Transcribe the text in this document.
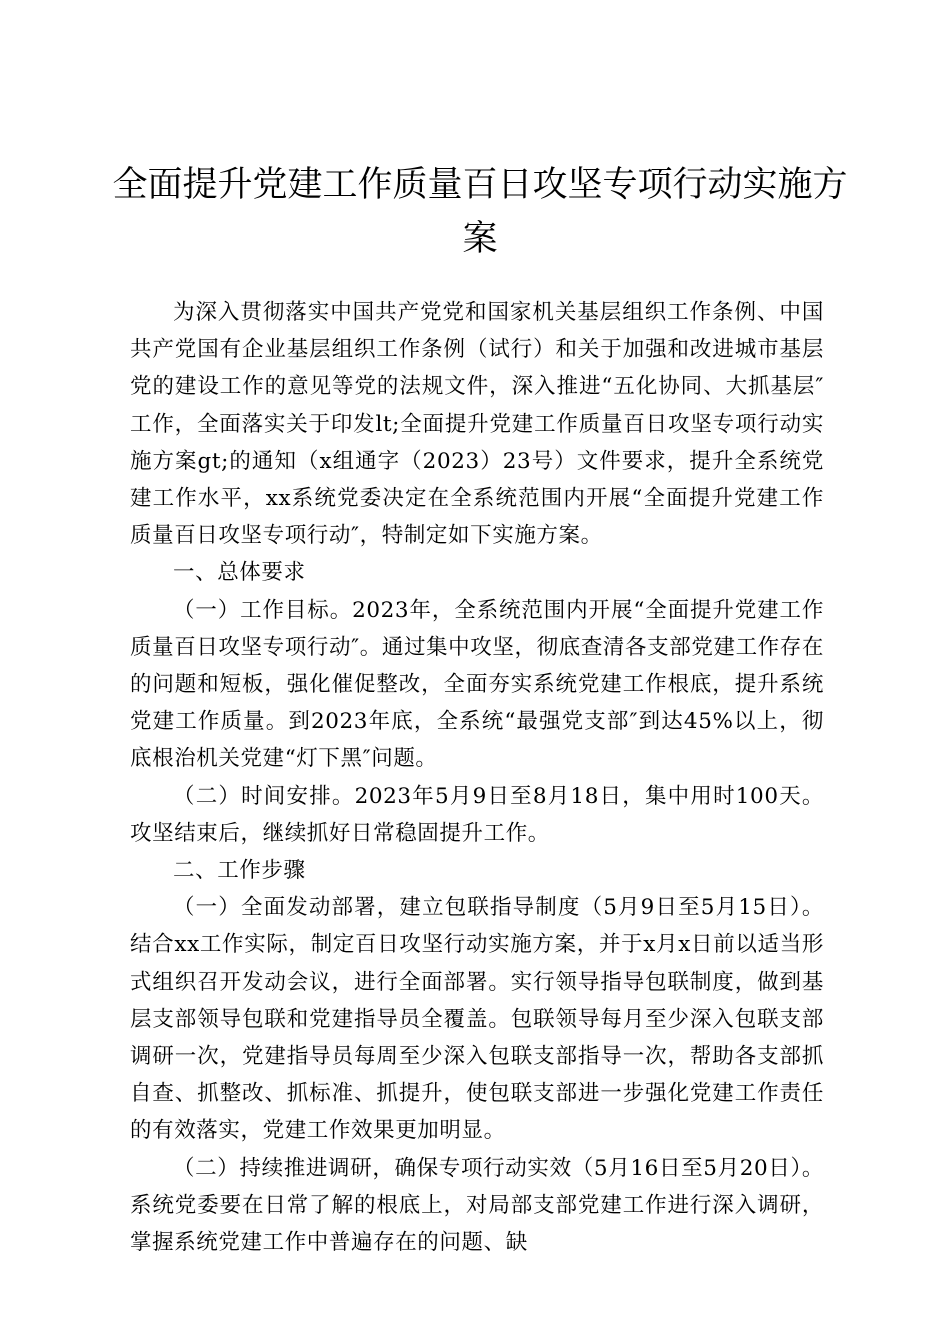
全面提升党建工作质量百日攻坚专项行动实施方案

为深入贯彻落实中国共产党党和国家机关基层组织工作条例、中国共产党国有企业基层组织工作条例（试行）和关于加强和改进城市基层党的建设工作的意见等党的法规文件，深入推进“五化协同、大抓基层″工作，全面落实关于印发lt;全面提升党建工作质量百日攻坚专项行动实施方案gt;的通知（x组通字（2023）23号）文件要求，提升全系统党建工作水平，xx系统党委决定在全系统范围内开展“全面提升党建工作质量百日攻坚专项行动″，特制定如下实施方案。

一、总体要求

（一）工作目标。2023年，全系统范围内开展“全面提升党建工作质量百日攻坚专项行动″。通过集中攻坚，彻底查清各支部党建工作存在的问题和短板，强化催促整改，全面夯实系统党建工作根底，提升系统党建工作质量。到2023年底，全系统“最强党支部″到达45%以上，彻底根治机关党建“灯下黑″问题。

（二）时间安排。2023年5月9日至8月18日，集中用时100天。攻坚结束后，继续抓好日常稳固提升工作。

二、工作步骤

（一）全面发动部署，建立包联指导制度（5月9日至5月15日）。结合xx工作实际，制定百日攻坚行动实施方案，并于x月x日前以适当形式组织召开发动会议，进行全面部署。实行领导指导包联制度，做到基层支部领导包联和党建指导员全覆盖。包联领导每月至少深入包联支部调研一次，党建指导员每周至少深入包联支部指导一次，帮助各支部抓自查、抓整改、抓标准、抓提升，使包联支部进一步强化党建工作责任的有效落实，党建工作效果更加明显。

（二）持续推进调研，确保专项行动实效（5月16日至5月20日）。系统党委要在日常了解的根底上，对局部支部党建工作进行深入调研，掌握系统党建工作中普遍存在的问题、缺
